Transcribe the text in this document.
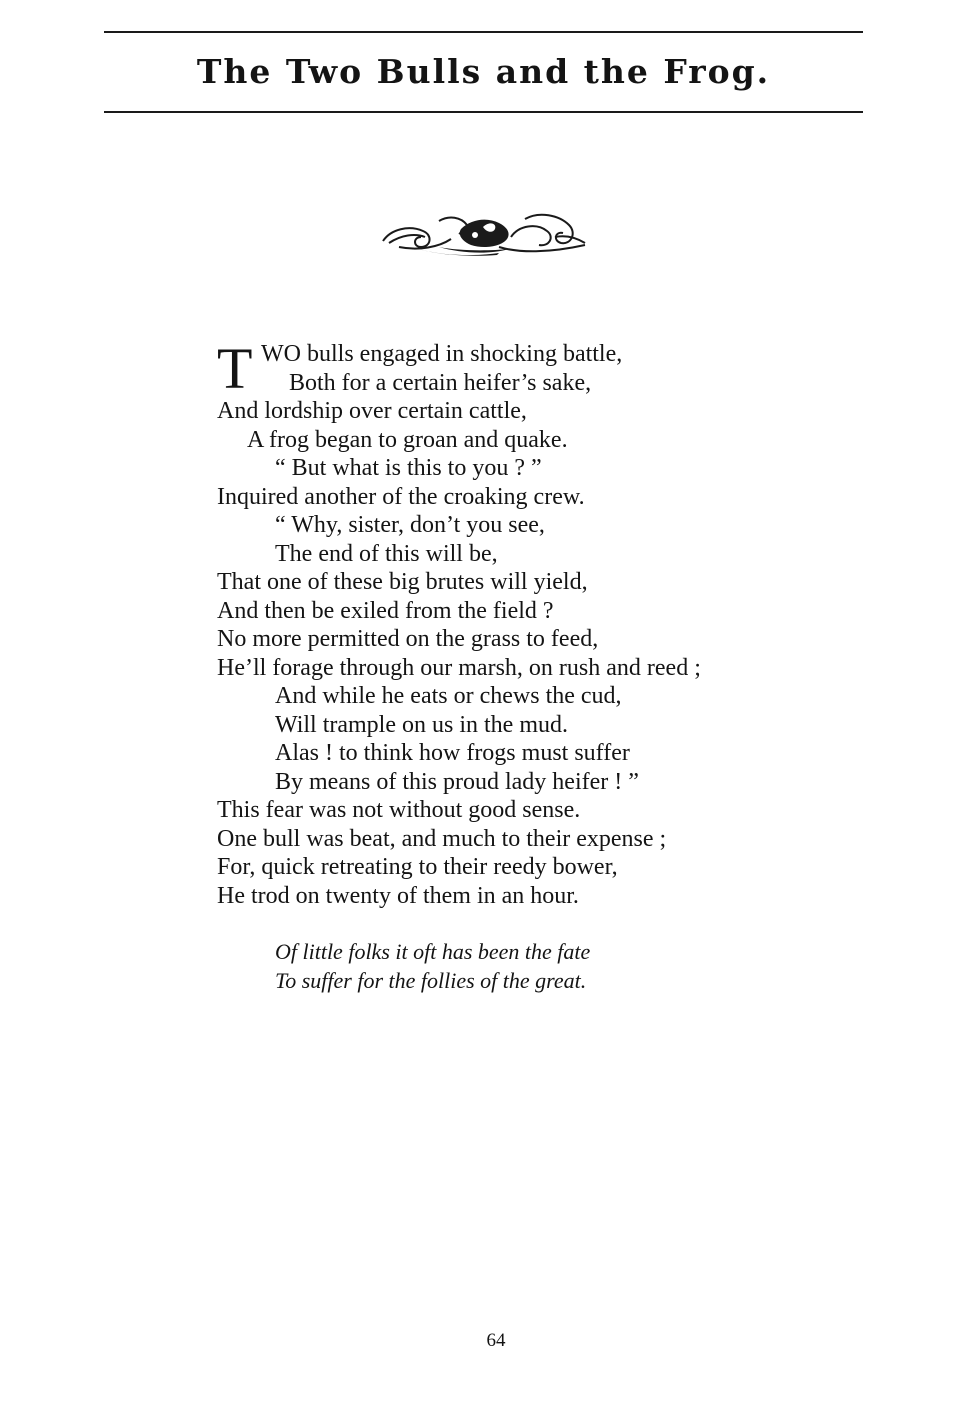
The Two Bulls and the Frog.
T WO bulls engaged in shocking battle,
Both for a certain heifer’s sake,
And lordship over certain cattle,
A frog began to groan and quake.
“ But what is this to you ? ”
Inquired another of the croaking crew.
“ Why, sister, don’t you see,
The end of this will be,
That one of these big brutes will yield,
And then be exiled from the field ?
No more permitted on the grass to feed,
He’ll forage through our marsh, on rush and reed ;
And while he eats or chews the cud,
Will trample on us in the mud.
Alas ! to think how frogs must suffer
By means of this proud lady heifer ! ”
This fear was not without good sense.
One bull was beat, and much to their expense ;
For, quick retreating to their reedy bower,
He trod on twenty of them in an hour.
Of little folks it oft has been the fate
To suffer for the follies of the great.
64
